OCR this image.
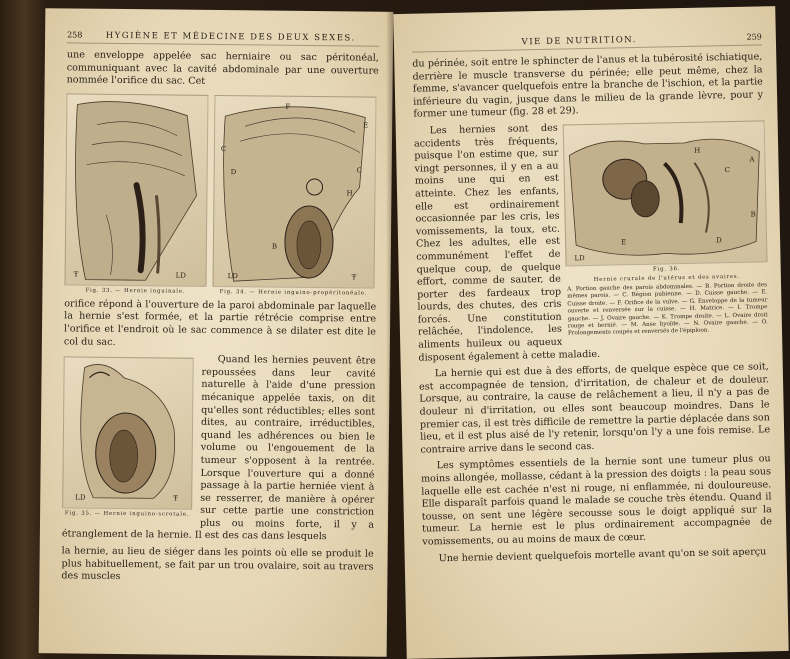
258	HYGIÈNE ET MÉDECINE DES DEUX SEXES.

une enveloppe appelée sac herniaire ou sac péritonéal, communiquant avec la cavité abdominale par une ouverture nommée l'orifice du sac. Cet

Ŧ	LD
Fig. 33. — Hernie inguinale.
F
E
C
D	C
H
B
LD	Ŧ
Fig. 34. — Hernie inguino-propéritonéale.

orifice répond à l'ouverture de la paroi abdominale par laquelle la hernie s'est formée, et la partie rétrécie comprise entre l'orifice et l'endroit où le sac commence à se dilater est dite le col du sac.

LD	Ŧ
Fig. 35. — Hernie inguino-scrotale.

Quand les hernies peuvent être repoussées dans leur cavité naturelle à l'aide d'une pression mécanique appelée taxis, on dit qu'elles sont réductibles; elles sont dites, au contraire, irréductibles, quand les adhérences ou bien le volume ou l'engouement de la tumeur s'opposent à la rentrée. Lorsque l'ouverture qui a donné passage à la partie herniée vient à se resserrer, de manière à opérer sur cette partie une constriction plus ou moins forte, il y a étranglement de la hernie. Il est des cas dans lesquels

la hernie, au lieu de siéger dans les points où elle se produit le plus habituellement, se fait par un trou ovalaire, soit au travers des muscles

VIE DE NUTRITION.	259

du périnée, soit entre le sphincter de l'anus et la tubérosité ischiatique, derrière le muscle transverse du périnée; elle peut même, chez la femme, s'avancer quelquefois entre la branche de l'ischion, et la partie inférieure du vagin, jusque dans le milieu de la grande lèvre, pour y former une tumeur (fig. 28 et 29).

H
A
C
B
D
E
LD
Fig. 36.
Hernie crurale de l'utérus et des ovaires.
A. Portion gauche des parois abdominales. — B. Portion droite des mêmes parois. — C. Région pubienne. — D. Cuisse gauche. — E. Cuisse droite. — F. Orifice de la vulve. — G. Enveloppe de la tumeur ouverte et renversée sur la cuisse. — H. Matrice. — I. Trompe gauche. — J. Ovaire gauche. — K. Trompe droite. — L. Ovaire droit rouge et hernié. — M. Anse hyoïde. — N. Ovaire gauche. — O. Prolongements coupés et renversés de l'épiploon.

Les hernies sont des accidents très fréquents, puisque l'on estime que, sur vingt personnes, il y en a au moins une qui en est atteinte. Chez les enfants, elle est ordinairement occasionnée par les cris, les vomissements, la toux, etc. Chez les adultes, elle est communément l'effet de quelque coup, de quelque effort, comme de sauter, de porter des fardeaux trop lourds, des chutes, des cris forcés. Une constitution relâchée, l'indolence, les aliments huileux ou aqueux disposent également à cette maladie.

La hernie qui est due à des efforts, de quelque espèce que ce soit, est accompagnée de tension, d'irritation, de chaleur et de douleur. Lorsque, au contraire, la cause de relâchement a lieu, il n'y a pas de douleur ni d'irritation, ou elles sont beaucoup moindres. Dans le premier cas, il est très difficile de remettre la partie déplacée dans son lieu, et il est plus aisé de l'y retenir, lorsqu'on l'y a une fois remise. Le contraire arrive dans le second cas.

Les symptômes essentiels de la hernie sont une tumeur plus ou moins allongée, mollasse, cédant à la pression des doigts : la peau sous laquelle elle est cachée n'est ni rouge, ni enflammée, ni douloureuse. Elle disparaît parfois quand le malade se couche très étendu. Quand il tousse, on sent une légère secousse sous le doigt appliqué sur la tumeur. La hernie est le plus ordinairement accompagnée de vomissements, ou au moins de maux de cœur.

Une hernie devient quelquefois mortelle avant qu'on se soit aperçu
